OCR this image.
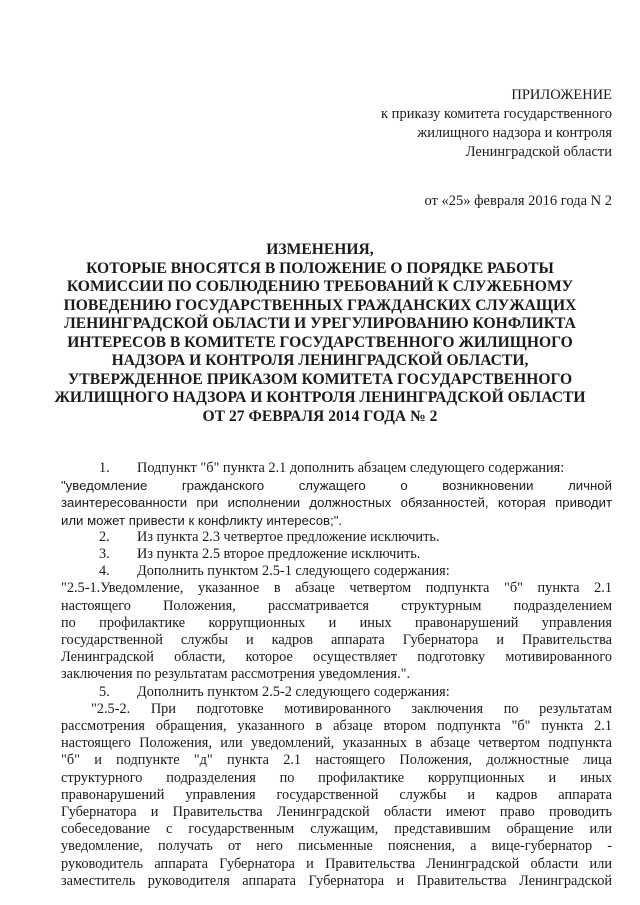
ПРИЛОЖЕНИЕ
к приказу комитета государственного
жилищного надзора и контроля
Ленинградской области
от «25» февраля 2016 года N 2
ИЗМЕНЕНИЯ,
КОТОРЫЕ ВНОСЯТСЯ В ПОЛОЖЕНИЕ О ПОРЯДКЕ РАБОТЫ
КОМИССИИ ПО СОБЛЮДЕНИЮ ТРЕБОВАНИЙ К СЛУЖЕБНОМУ
ПОВЕДЕНИЮ ГОСУДАРСТВЕННЫХ ГРАЖДАНСКИХ СЛУЖАЩИХ
ЛЕНИНГРАДСКОЙ ОБЛАСТИ И УРЕГУЛИРОВАНИЮ КОНФЛИКТА
ИНТЕРЕСОВ В КОМИТЕТЕ ГОСУДАРСТВЕННОГО ЖИЛИЩНОГО
НАДЗОРА И КОНТРОЛЯ ЛЕНИНГРАДСКОЙ ОБЛАСТИ,
УТВЕРЖДЕННОЕ ПРИКАЗОМ КОМИТЕТА ГОСУДАРСТВЕННОГО
ЖИЛИЩНОГО НАДЗОРА И КОНТРОЛЯ ЛЕНИНГРАДСКОЙ ОБЛАСТИ
ОТ 27 ФЕВРАЛЯ 2014 ГОДА № 2
1. Подпункт "б" пункта 2.1 дополнить абзацем следующего содержания:
"уведомление гражданского служащего о возникновении личной
заинтересованности при исполнении должностных обязанностей, которая приводит
или может привести к конфликту интересов;".
2. Из пункта 2.3 четвертое предложение исключить.
3. Из пункта 2.5 второе предложение исключить.
4. Дополнить пунктом 2.5-1 следующего содержания:
"2.5-1.Уведомление, указанное в абзаце четвертом подпункта "б" пункта 2.1
настоящего Положения, рассматривается структурным подразделением
по профилактике коррупционных и иных правонарушений управления
государственной службы и кадров аппарата Губернатора и Правительства
Ленинградской области, которое осуществляет подготовку мотивированного
заключения по результатам рассмотрения уведомления.".
5. Дополнить пунктом 2.5-2 следующего содержания:
"2.5-2. При подготовке мотивированного заключения по результатам
рассмотрения обращения, указанного в абзаце втором подпункта "б" пункта 2.1
настоящего Положения, или уведомлений, указанных в абзаце четвертом подпункта
"б" и подпункте "д" пункта 2.1 настоящего Положения, должностные лица
структурного подразделения по профилактике коррупционных и иных
правонарушений управления государственной службы и кадров аппарата
Губернатора и Правительства Ленинградской области имеют право проводить
собеседование с государственным служащим, представившим обращение или
уведомление, получать от него письменные пояснения, а вице-губернатор -
руководитель аппарата Губернатора и Правительства Ленинградской области или
заместитель руководителя аппарата Губернатора и Правительства Ленинградской
